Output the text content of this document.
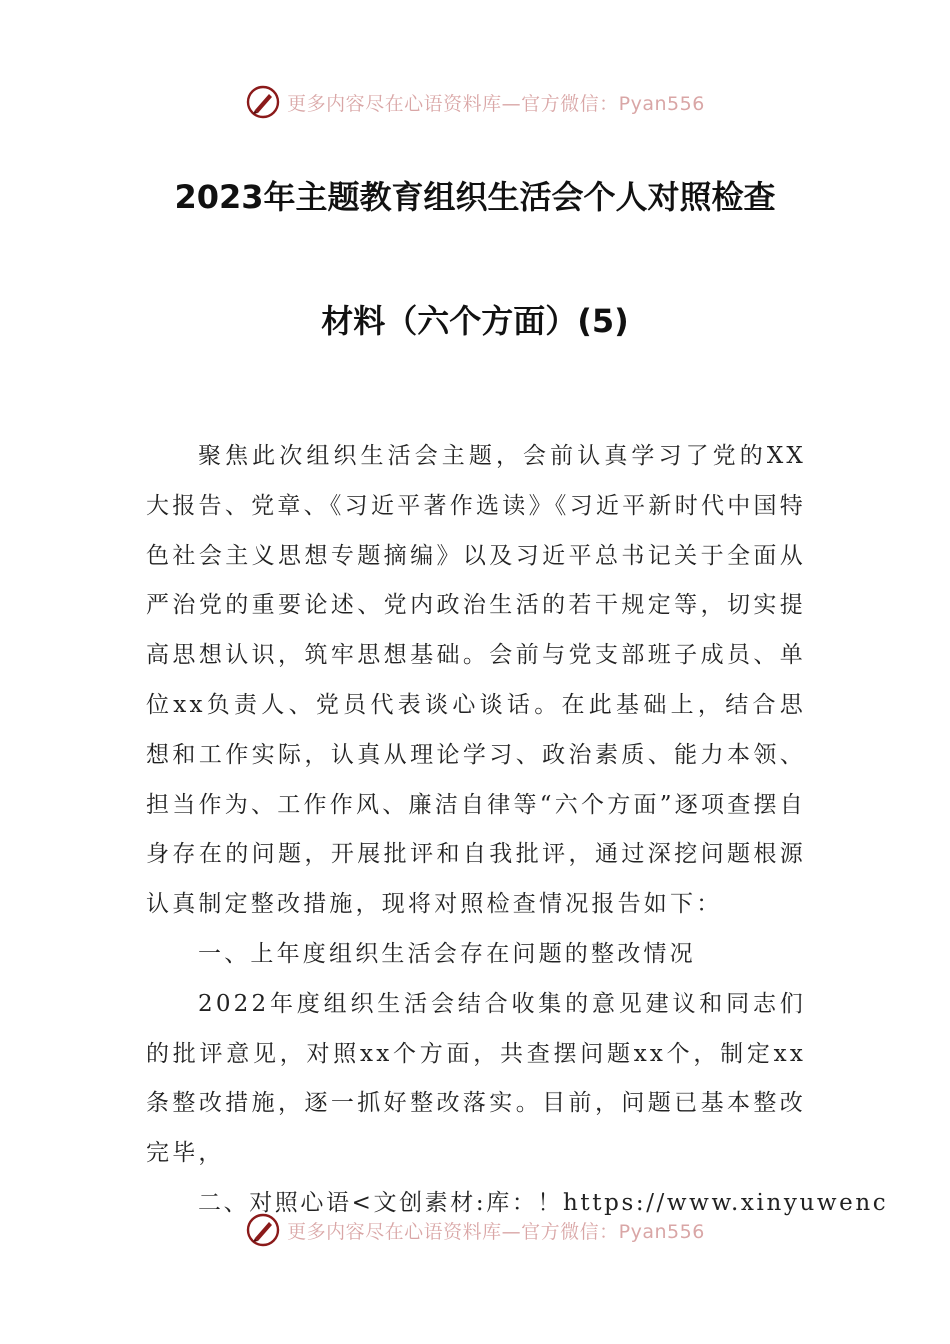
更多内容尽在心语资料库—官方微信：Pyan556
2023年主题教育组织生活会个人对照检查
材料（六个方面）(5)

聚焦此次组织生活会主题，会前认真学习了党的XX大报告、党章、《习近平著作选读》《习近平新时代中国特色社会主义思想专题摘编》以及习近平总书记关于全面从严治党的重要论述、党内政治生活的若干规定等，切实提高思想认识，筑牢思想基础。会前与党支部班子成员、单位xx负责人、党员代表谈心谈话。在此基础上，结合思想和工作实际，认真从理论学习、政治素质、能力本领、担当作为、工作作风、廉洁自律等“六个方面”逐项查摆自身存在的问题，开展批评和自我批评，通过深挖问题根源认真制定整改措施，现将对照检查情况报告如下：

一、上年度组织生活会存在问题的整改情况

2022年度组织生活会结合收集的意见建议和同志们的批评意见，对照xx个方面，共查摆问题xx个，制定xx条整改措施，逐一抓好整改落实。目前，问题已基本整改完毕，

二、对照心语<文创素材:库：！https://www.xinyuwenc

更多内容尽在心语资料库—官方微信：Pyan556
